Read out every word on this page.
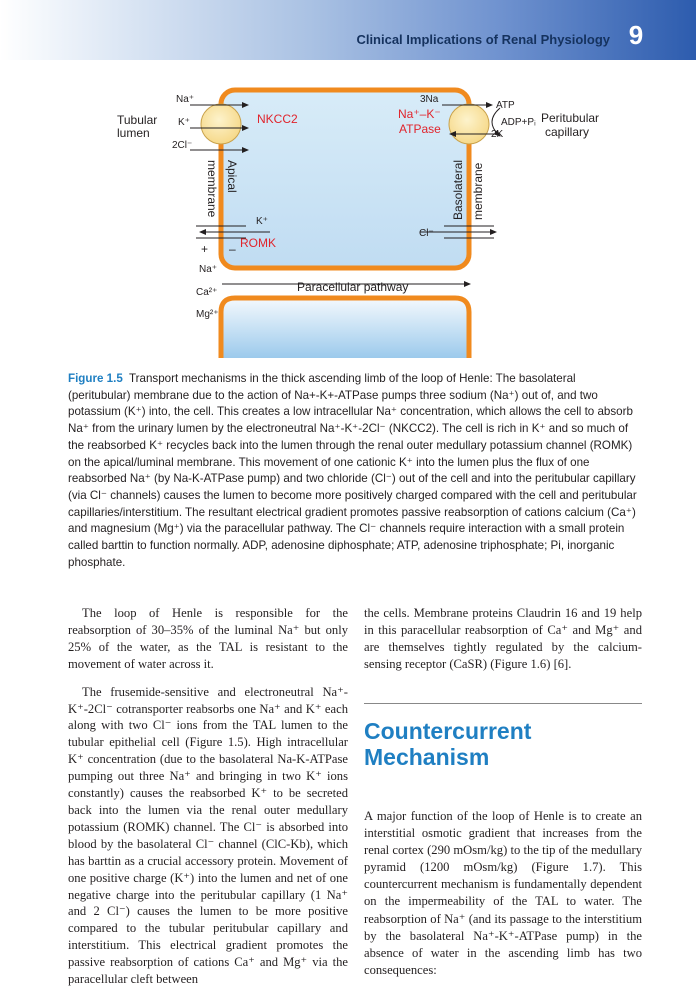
Clinical Implications of Renal Physiology 9
Tubular
lumen
Peritubular
capillary
Na⁺
K⁺
2Cl⁻
NKCC2
3Na
Na⁺–K⁻
ATPase
ATP
ADP+Pᵢ
2K
Apical
membrane	Basolateral membrane
K⁺
ROMK
–
+
Cl⁻
Na⁺
Ca²⁺
Mg²⁺
Paracellular pathway
Figure 1.5 Transport mechanisms in the thick ascending limb of the loop of Henle: The basolateral (peritubular) membrane due to the action of Na+-K+-ATPase pumps three sodium (Na⁺) out of, and two potassium (K⁺) into, the cell. This creates a low intracellular Na⁺ concentration, which allows the cell to absorb Na⁺ from the urinary lumen by the electroneutral Na⁺-K⁺-2Cl⁻ (NKCC2). The cell is rich in K⁺ and so much of the reabsorbed K⁺ recycles back into the lumen through the renal outer medullary potassium channel (ROMK) on the apical/luminal membrane. This movement of one cationic K⁺ into the lumen plus the flux of one reabsorbed Na⁺ (by Na-K-ATPase pump) and two chloride (Cl⁻) out of the cell and into the peritubular capillary (via Cl⁻ channels) causes the lumen to become more positively charged compared with the cell and peritubular capillaries/interstitium. The resultant electrical gradient promotes passive reabsorption of cations calcium (Ca⁺) and magnesium (Mg⁺) via the paracellular pathway. The Cl⁻ channels require interaction with a small protein called barttin to function normally. ADP, adenosine diphosphate; ATP, adenosine triphosphate; Pi, inorganic phosphate.

The loop of Henle is responsible for the reabsorption of 30–35% of the luminal Na⁺ but only 25% of the water, as the TAL is resistant to the movement of water across it.

The frusemide-sensitive and electroneutral Na⁺-K⁺-2Cl⁻ cotransporter reabsorbs one Na⁺ and K⁺ each along with two Cl⁻ ions from the TAL lumen to the tubular epithelial cell (Figure 1.5). High intracellular K⁺ concentration (due to the basolateral Na-K-ATPase pumping out three Na⁺ and bringing in two K⁺ ions constantly) causes the reabsorbed K⁺ to be secreted back into the lumen via the renal outer medullary potassium (ROMK) channel. The Cl⁻ is absorbed into blood by the basolateral Cl⁻ channel (ClC-Kb), which has barttin as a crucial accessory protein. Movement of one positive charge (K⁺) into the lumen and net of one negative charge into the peritubular capillary (1 Na⁺ and 2 Cl⁻) causes the lumen to be more positive compared to the tubular peritubular capillary and interstitium. This electrical gradient promotes the passive reabsorption of cations Ca⁺ and Mg⁺ via the paracellular cleft between

the cells. Membrane proteins Claudrin 16 and 19 help in this paracellular reabsorption of Ca⁺ and Mg⁺ and are themselves tightly regulated by the calcium-sensing receptor (CaSR) (Figure 1.6) [6].

Countercurrent Mechanism

A major function of the loop of Henle is to create an interstitial osmotic gradient that increases from the renal cortex (290 mOsm/kg) to the tip of the medullary pyramid (1200 mOsm/kg) (Figure 1.7). This countercurrent mechanism is fundamentally dependent on the impermeability of the TAL to water. The reabsorption of Na⁺ (and its passage to the interstitium by the basolateral Na⁺-K⁺-ATPase pump) in the absence of water in the ascending limb has two consequences:
